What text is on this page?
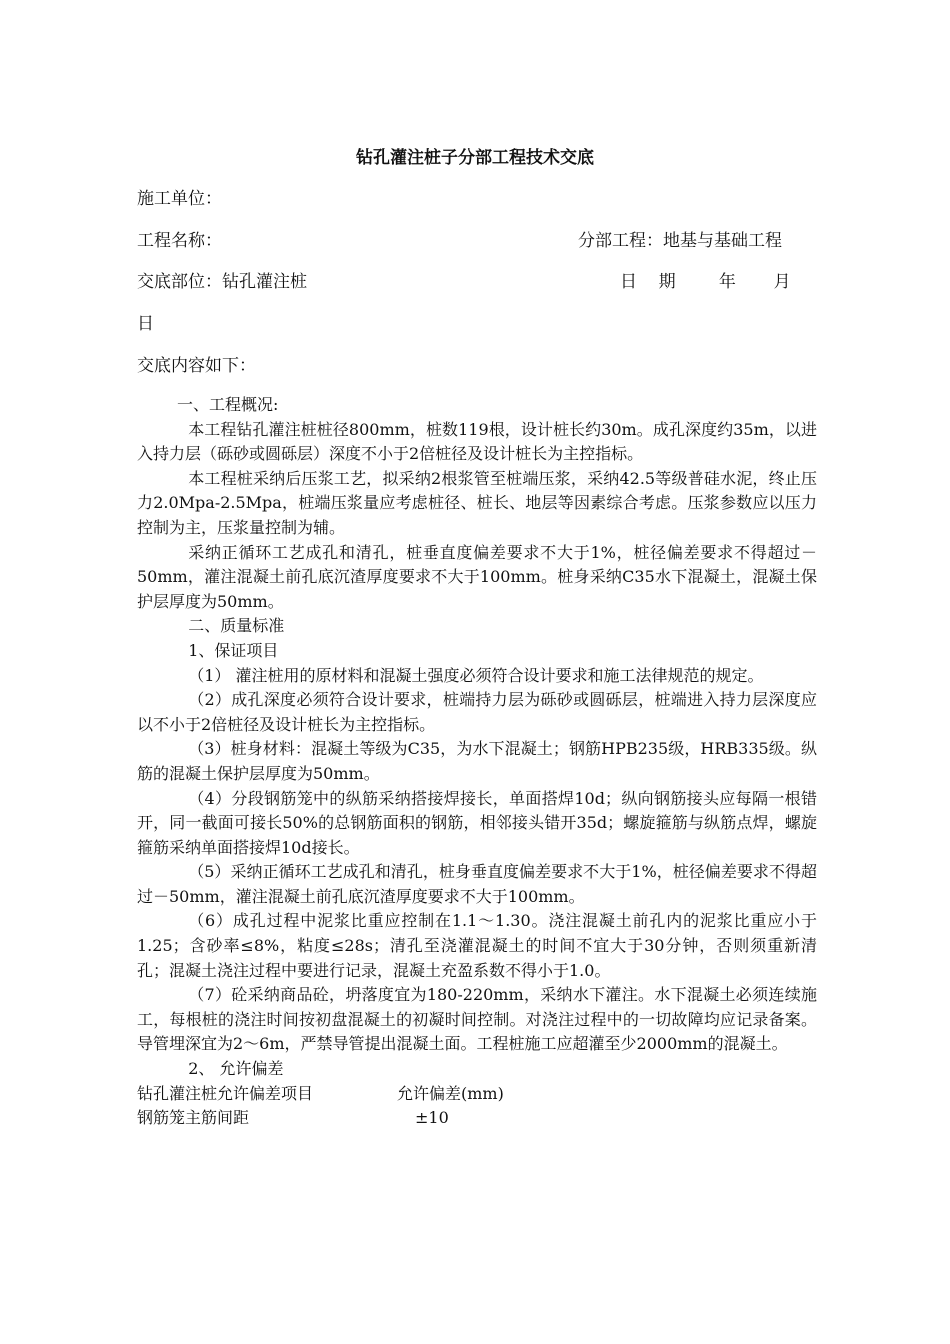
钻孔灌注桩子分部工程技术交底
施工单位：
工程名称：	分部工程：地基与基础工程
交底部位：钻孔灌注桩	日    期        年       月
日
交底内容如下：

一、工程概况:

本工程钻孔灌注桩桩径800mm，桩数119根，设计桩长约30m。成孔深度约35m，以进入持力层（砾砂或圆砾层）深度不小于2倍桩径及设计桩长为主控指标。

本工程桩采纳后压浆工艺，拟采纳2根浆管至桩端压浆，采纳42.5等级普硅水泥，终止压力2.0Mpa-2.5Mpa，桩端压浆量应考虑桩径、桩长、地层等因素综合考虑。压浆参数应以压力控制为主，压浆量控制为辅。

采纳正循环工艺成孔和清孔，桩垂直度偏差要求不大于1%，桩径偏差要求不得超过－50mm，灌注混凝土前孔底沉渣厚度要求不大于100mm。桩身采纳C35水下混凝土，混凝土保护层厚度为50mm。

二、质量标准

1、保证项目

（1） 灌注桩用的原材料和混凝土强度必须符合设计要求和施工法律规范的规定。

（2）成孔深度必须符合设计要求，桩端持力层为砾砂或圆砾层，桩端进入持力层深度应以不小于2倍桩径及设计桩长为主控指标。

（3）桩身材料：混凝土等级为C35，为水下混凝土；钢筋HPB235级，HRB335级。纵筋的混凝土保护层厚度为50mm。

（4）分段钢筋笼中的纵筋采纳搭接焊接长，单面搭焊10d；纵向钢筋接头应每隔一根错开，同一截面可接长50%的总钢筋面积的钢筋，相邻接头错开35d；螺旋箍筋与纵筋点焊，螺旋箍筋采纳单面搭接焊10d接长。

（5）采纳正循环工艺成孔和清孔，桩身垂直度偏差要求不大于1%，桩径偏差要求不得超过－50mm，灌注混凝土前孔底沉渣厚度要求不大于100mm。

（6）成孔过程中泥浆比重应控制在1.1～1.30。浇注混凝土前孔内的泥浆比重应小于1.25；含砂率≤8%，粘度≤28s；清孔至浇灌混凝土的时间不宜大于30分钟，否则须重新清孔；混凝土浇注过程中要进行记录，混凝土充盈系数不得小于1.0。

（7）砼采纳商品砼，坍落度宜为180-220mm，采纳水下灌注。水下混凝土必须连续施工，每根桩的浇注时间按初盘混凝土的初凝时间控制。对浇注过程中的一切故障均应记录备案。导管埋深宜为2～6m，严禁导管提出混凝土面。工程桩施工应超灌至少2000mm的混凝土。

2、 允许偏差

钻孔灌注桩允许偏差项目	允许偏差(mm)
钢筋笼主筋间距	±10
